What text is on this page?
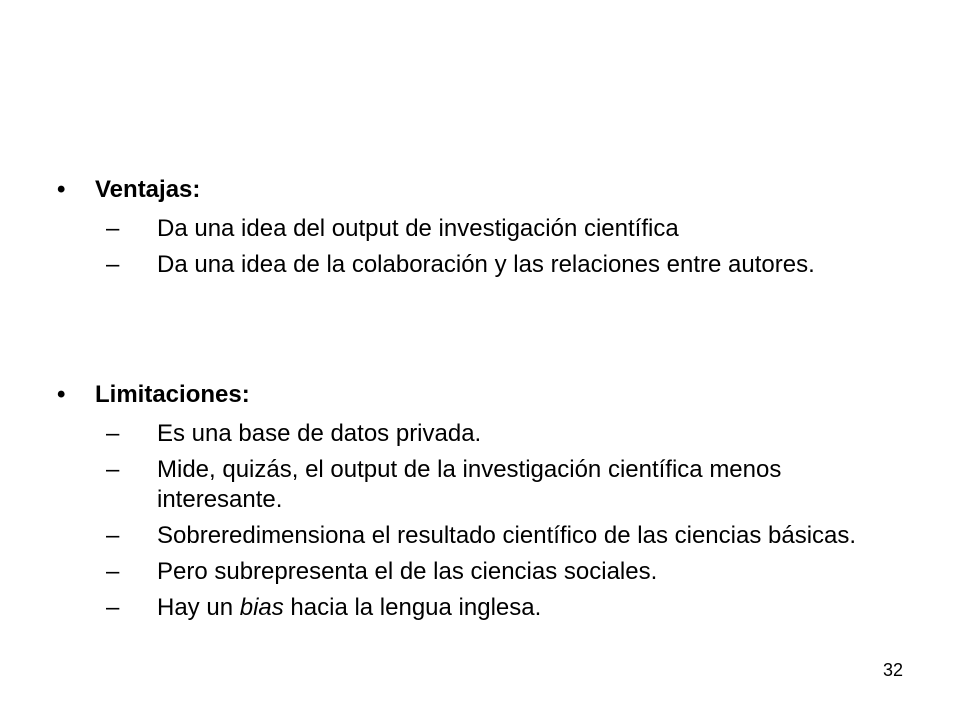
•	Ventajas:
–	Da una idea del output de investigación científica
–	Da una idea de la colaboración y las relaciones entre autores.
•	Limitaciones:
–	Es una base de datos privada.
–	Mide, quizás, el output de la investigación científica menos interesante.
–	Sobreredimensiona el resultado científico de las ciencias básicas.
–	Pero subrepresenta el de las ciencias sociales.
–	Hay un bias hacia la lengua inglesa.
32
